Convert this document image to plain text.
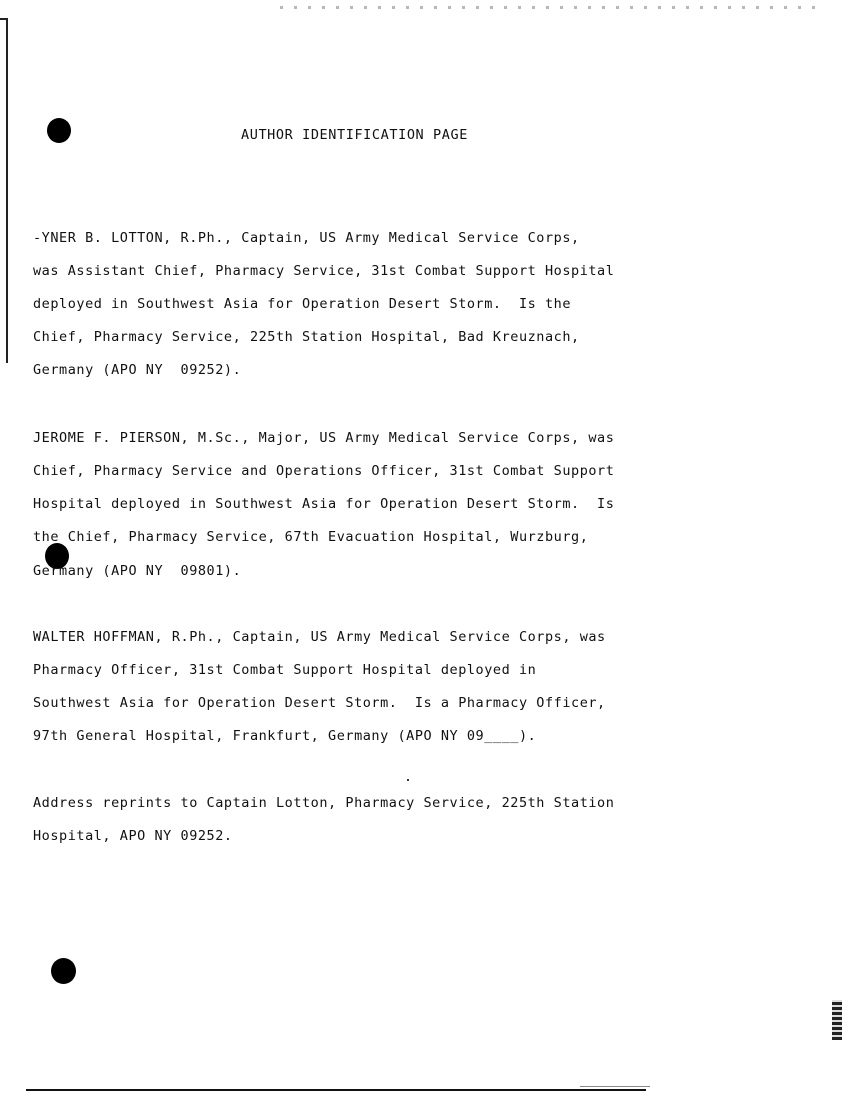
AUTHOR IDENTIFICATION PAGE
-YNER B. LOTTON, R.Ph., Captain, US Army Medical Service Corps,
was Assistant Chief, Pharmacy Service, 31st Combat Support Hospital
deployed in Southwest Asia for Operation Desert Storm.  Is the
Chief, Pharmacy Service, 225th Station Hospital, Bad Kreuznach,
Germany (APO NY  09252).
JEROME F. PIERSON, M.Sc., Major, US Army Medical Service Corps, was
Chief, Pharmacy Service and Operations Officer, 31st Combat Support
Hospital deployed in Southwest Asia for Operation Desert Storm.  Is
the Chief, Pharmacy Service, 67th Evacuation Hospital, Wurzburg,
Germany (APO NY  09801).
WALTER HOFFMAN, R.Ph., Captain, US Army Medical Service Corps, was
Pharmacy Officer, 31st Combat Support Hospital deployed in
Southwest Asia for Operation Desert Storm.  Is a Pharmacy Officer,
97th General Hospital, Frankfurt, Germany (APO NY 09____).
Address reprints to Captain Lotton, Pharmacy Service, 225th Station
Hospital, APO NY 09252.
